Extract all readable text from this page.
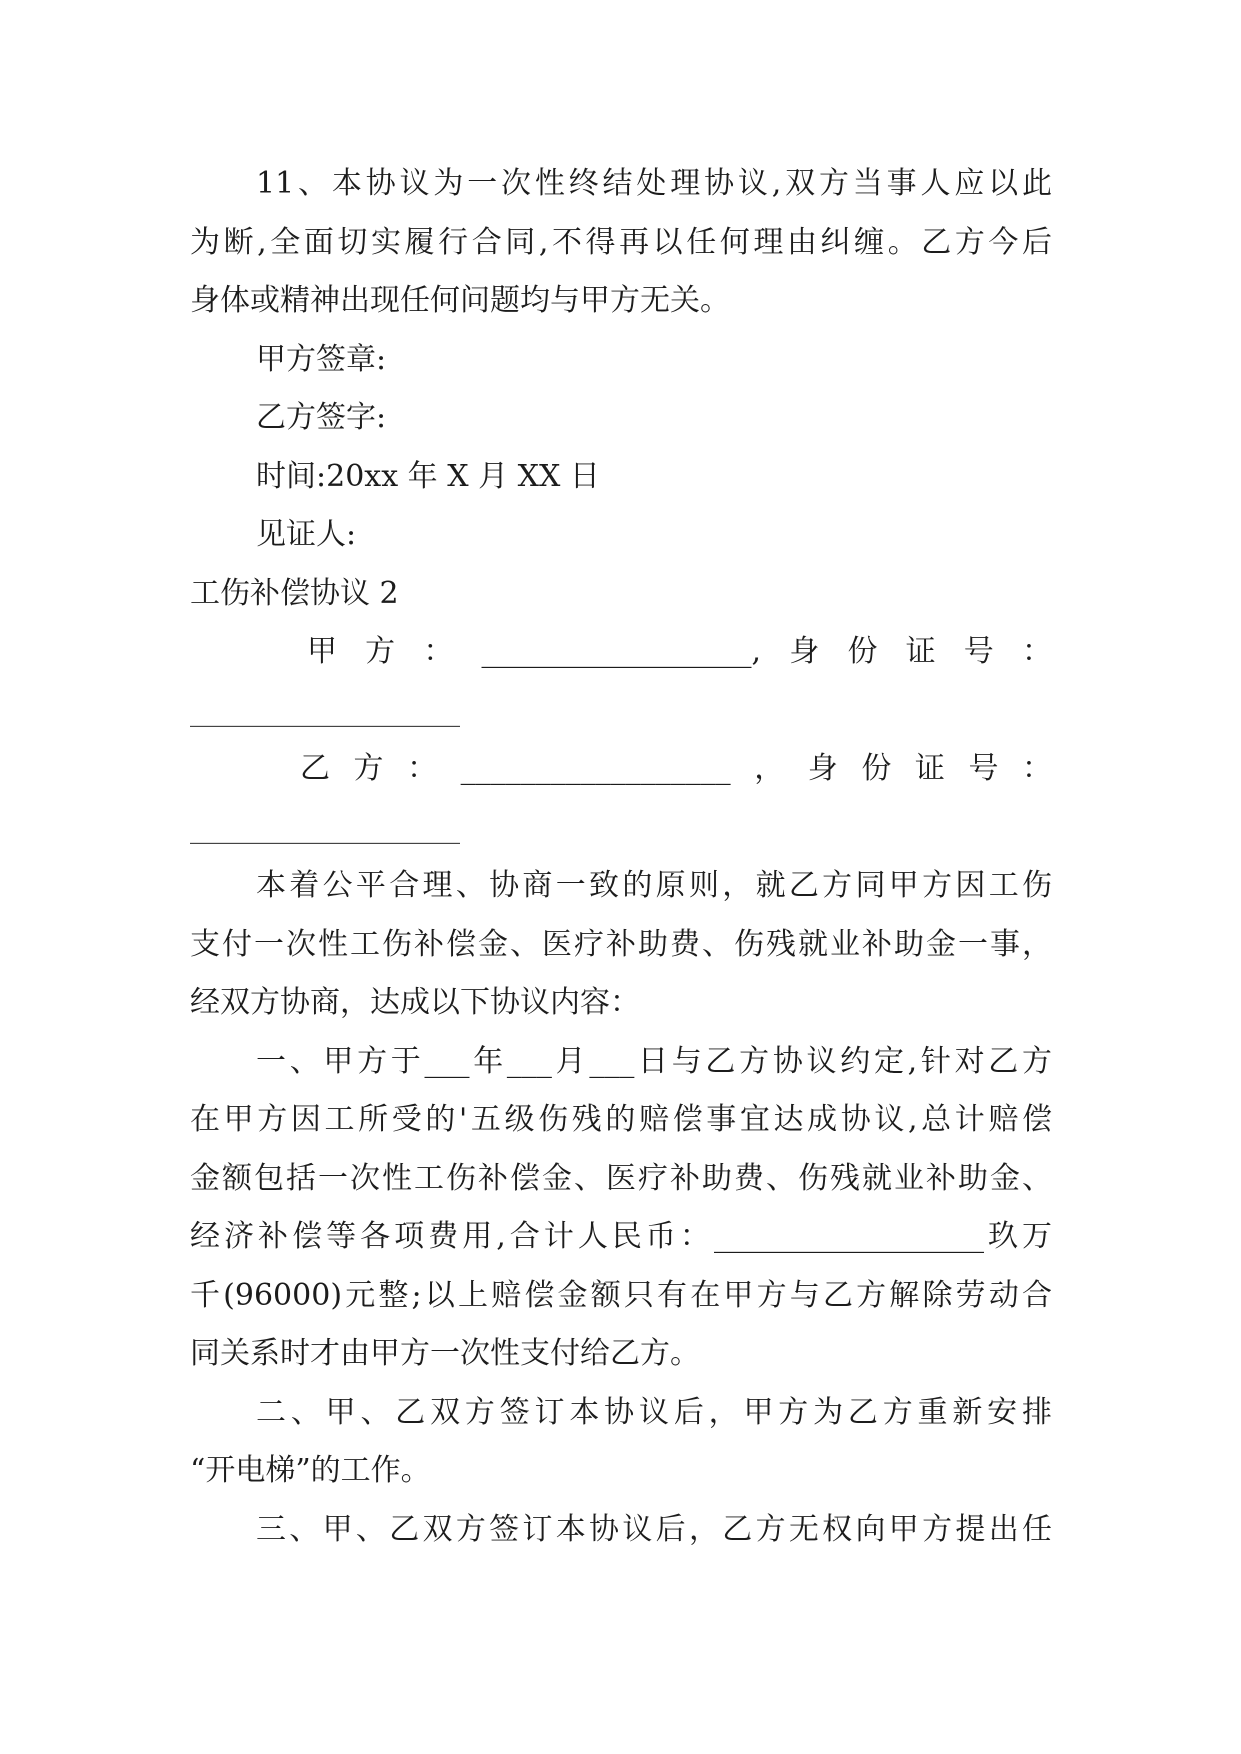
11、本协议为一次性终结处理协议,双方当事人应以此
为断,全面切实履行合同,不得再以任何理由纠缠。乙方今后
身体或精神出现任何问题均与甲方无关。
甲方签章:
乙方签字:
时间:20xx 年 X 月 XX 日
见证人:
工伤补偿协议 2
甲方：__________________,身份证号：
__________________
乙方：__________________，身份证号：
__________________
本着公平合理、协商一致的原则，就乙方同甲方因工伤
支付一次性工伤补偿金、医疗补助费、伤残就业补助金一事，
经双方协商，达成以下协议内容：
一、甲方于___年___月___日与乙方协议约定,针对乙方
在甲方因工所受的'五级伤残的赔偿事宜达成协议,总计赔偿
金额包括一次性工伤补偿金、医疗补助费、伤残就业补助金、
经济补偿等各项费用,合计人民币：__________________玖万
千(96000)元整;以上赔偿金额只有在甲方与乙方解除劳动合
同关系时才由甲方一次性支付给乙方。
二、甲、乙双方签订本协议后，甲方为乙方重新安排
“开电梯”的工作。
三、甲、乙双方签订本协议后，乙方无权向甲方提出任
